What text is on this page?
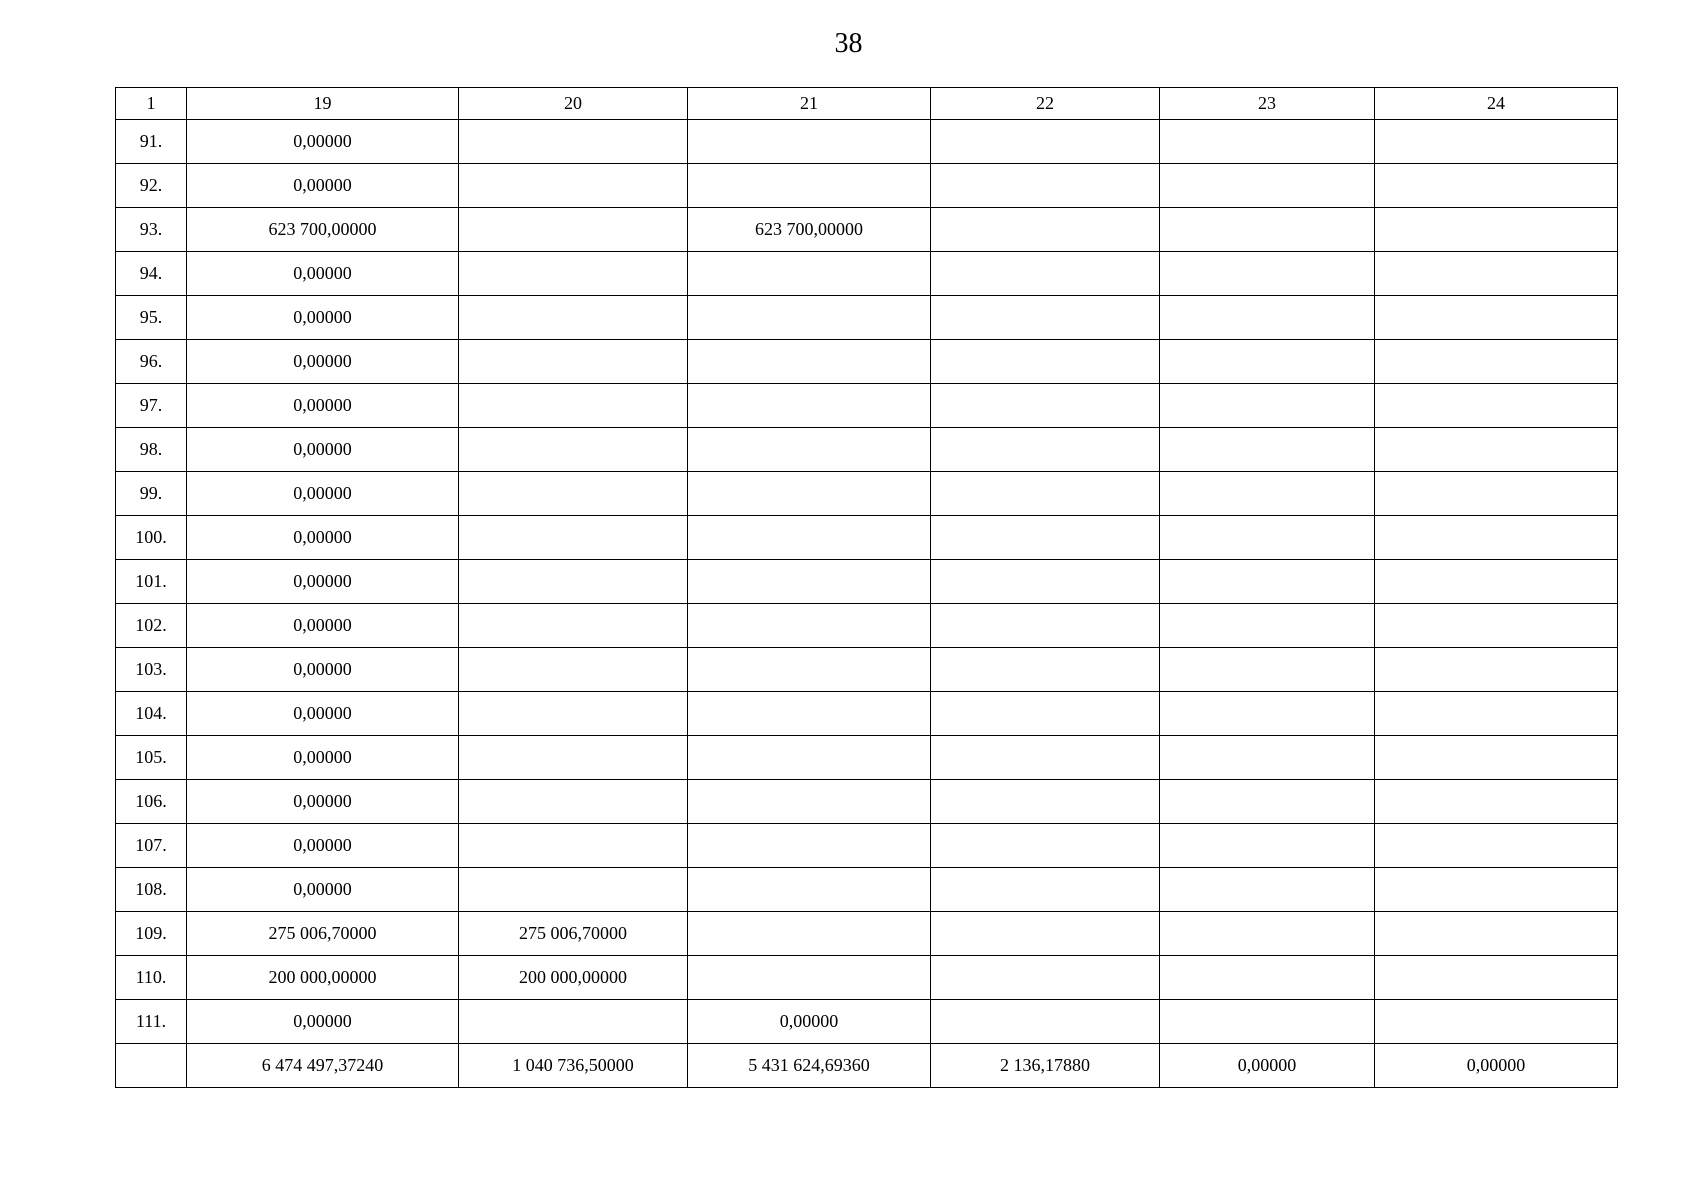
38
1	19	20	21	22	23	24
91.	0,00000					
92.	0,00000					
93.	623 700,00000		623 700,00000			
94.	0,00000					
95.	0,00000					
96.	0,00000					
97.	0,00000					
98.	0,00000					
99.	0,00000					
100.	0,00000					
101.	0,00000					
102.	0,00000					
103.	0,00000					
104.	0,00000					
105.	0,00000					
106.	0,00000					
107.	0,00000					
108.	0,00000					
109.	275 006,70000	275 006,70000				
110.	200 000,00000	200 000,00000				
111.	0,00000		0,00000			
	6 474 497,37240	1 040 736,50000	5 431 624,69360	2 136,17880	0,00000	0,00000
